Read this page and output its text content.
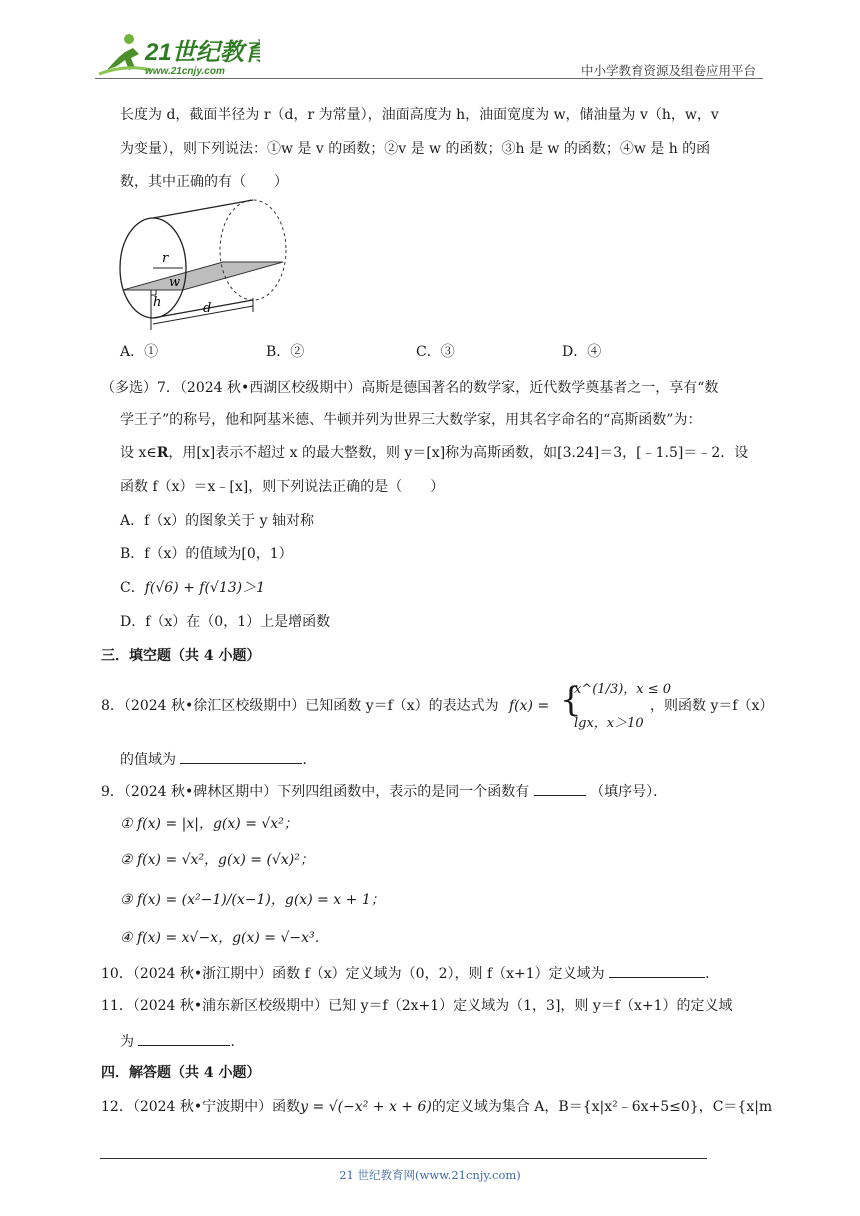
21世纪教育
www.21cnjy.com	中小学教育资源及组卷应用平台
长度为 d，截面半径为 r（d，r 为常量），油面高度为 h，油面宽度为 w，储油量为 v（h，w，v
为变量），则下列说法：①w 是 v 的函数；②v 是 w 的函数；③h 是 w 的函数；④w 是 h 的函
数，其中正确的有（　　）
r
w
h	d
A．①	B．②	C．③	D．④
（多选）7．（2024 秋•西湖区校级期中）高斯是德国著名的数学家，近代数学奠基者之一，享有“数
学王子”的称号，他和阿基米德、牛顿并列为世界三大数学家，用其名字命名的“高斯函数”为：
设 x∈R，用[x]表示不超过 x 的最大整数，则 y＝[x]称为高斯函数，如[3.24]＝3，[﹣1.5]＝﹣2．设
函数 f（x）＝x﹣[x]，则下列说法正确的是（　　）
A．f（x）的图象关于 y 轴对称
B．f（x）的值域为[0，1）
C．f(√6) + f(√13)＞1
D．f（x）在（0，1）上是增函数
三．填空题（共 4 小题）
8．（2024 秋•徐汇区校级期中）已知函数 y＝f（x）的表达式为 f(x) = {
x^(1/3)，x ≤ 0
lgx，x＞10
，则函数 y＝f（x）
的值域为	．
9．（2024 秋•碑林区期中）下列四组函数中，表示的是同一个函数有	（填序号）．
① f(x) = |x|，g(x) = √x²；
② f(x) = √x²，g(x) = (√x)²；
③ f(x) = (x²−1)/(x−1)，g(x) = x + 1；
④ f(x) = x√−x，g(x) = √−x³．
10．（2024 秋•浙江期中）函数 f（x）定义域为（0，2），则 f（x+1）定义域为	．
11．（2024 秋•浦东新区校级期中）已知 y＝f（2x+1）定义域为（1，3]，则 y＝f（x+1）的定义域
为	．
四．解答题（共 4 小题）
12．（2024 秋•宁波期中）函数y = √(−x² + x + 6)的定义域为集合 A，B＝{x|x²﹣6x+5≤0}，C＝{x|m
21 世纪教育网(www.21cnjy.com)
